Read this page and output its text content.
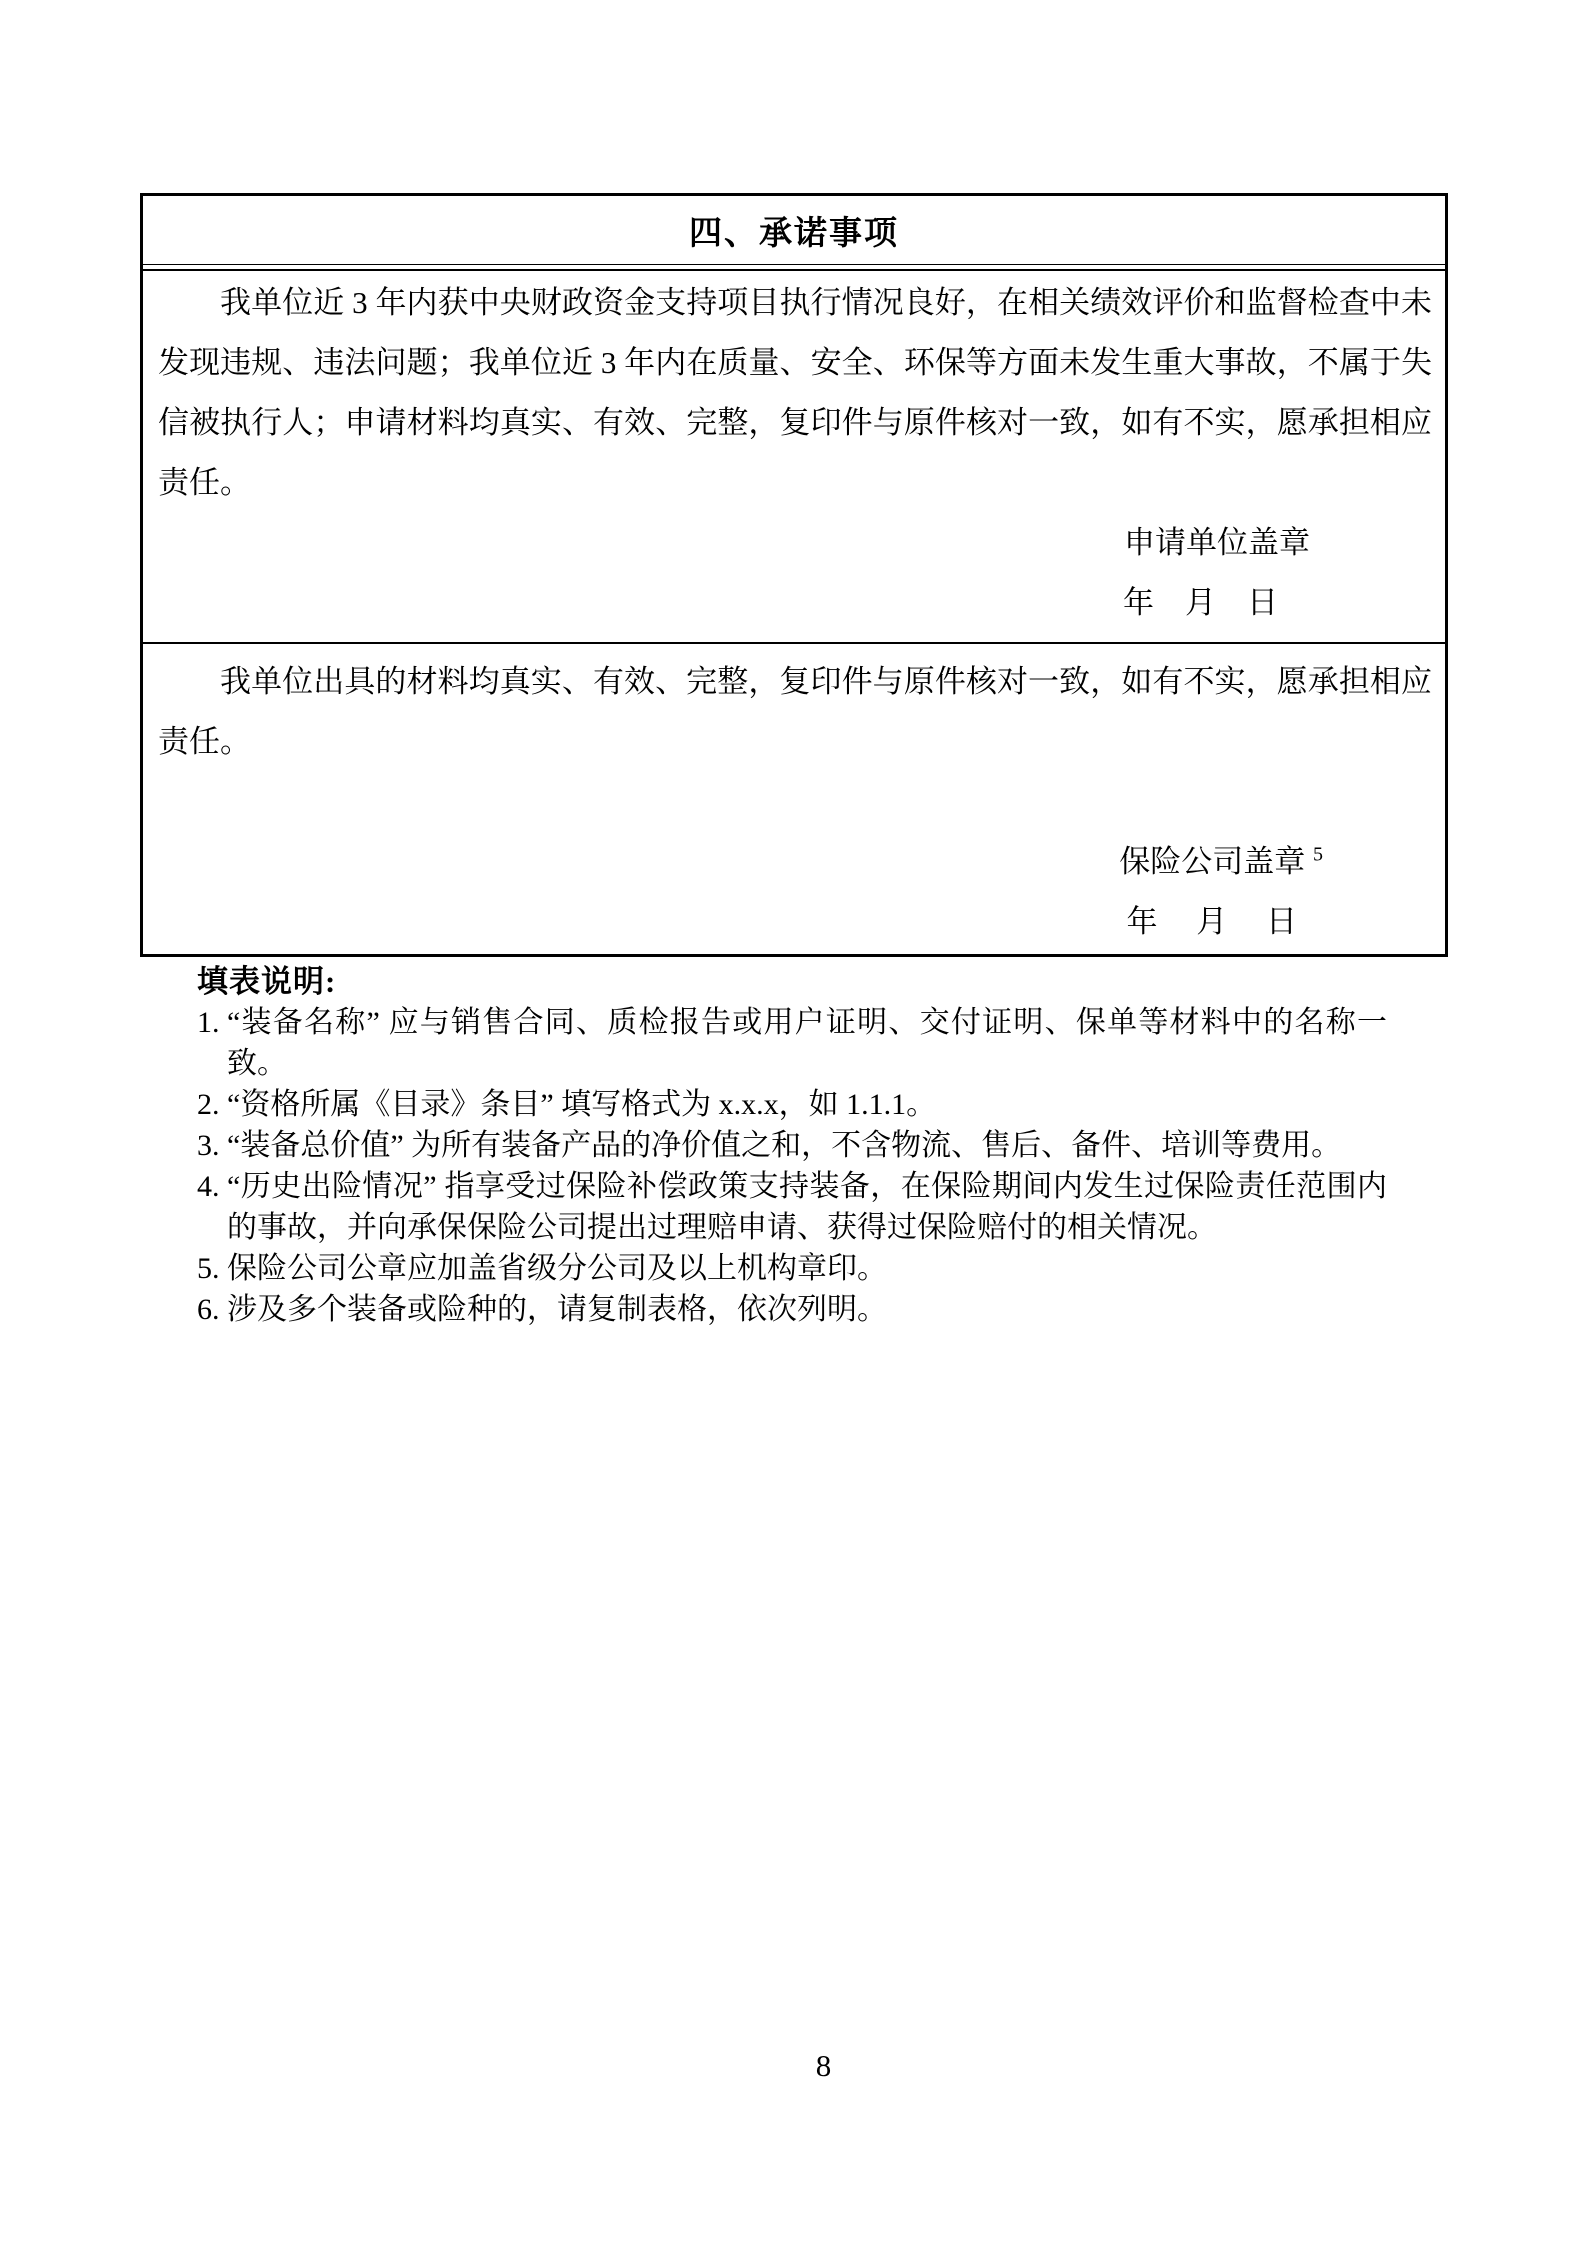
四、承诺事项

我单位近 3 年内获中央财政资金支持项目执行情况良好，在相关绩效评价和监督检查中未发现违规、违法问题；我单位近 3 年内在质量、安全、环保等方面未发生重大事故，不属于失信被执行人；申请材料均真实、有效、完整，复印件与原件核对一致，如有不实，愿承担相应责任。

申请单位盖章
年　月　日

我单位出具的材料均真实、有效、完整，复印件与原件核对一致，如有不实，愿承担相应责任。

保险公司盖章 $^5$
年　 月　 日
填表说明:
1. “装备名称” 应与销售合同、质检报告或用户证明、交付证明、保单等材料中的名称一致。
2. “资格所属《目录》条目” 填写格式为 x.x.x，如 1.1.1。
3. “装备总价值” 为所有装备产品的净价值之和，不含物流、售后、备件、培训等费用。
4. “历史出险情况” 指享受过保险补偿政策支持装备，在保险期间内发生过保险责任范围内的事故，并向承保保险公司提出过理赔申请、获得过保险赔付的相关情况。
5. 保险公司公章应加盖省级分公司及以上机构章印。
6. 涉及多个装备或险种的，请复制表格，依次列明。
8
